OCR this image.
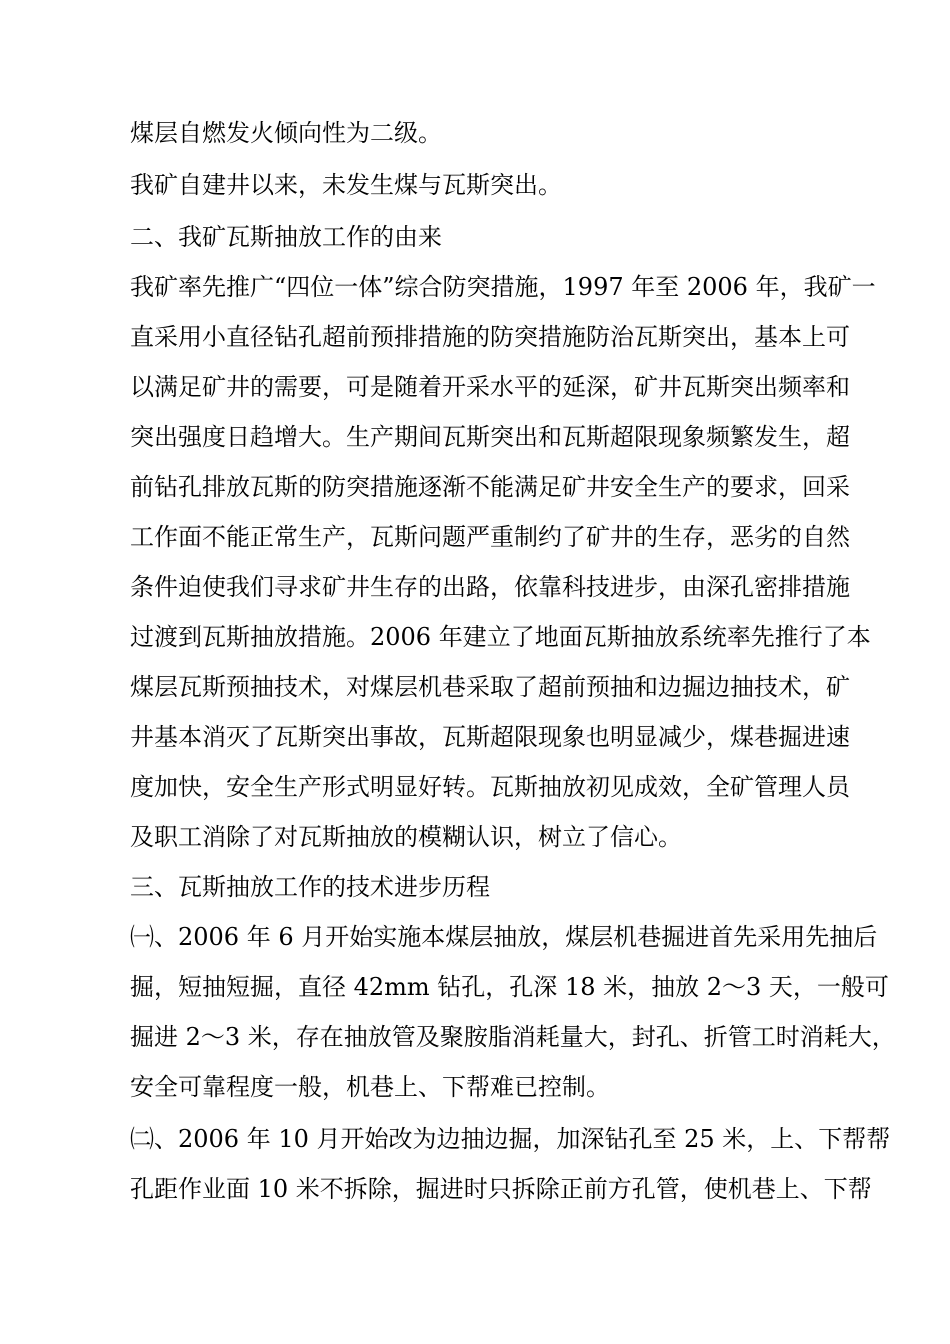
煤层自燃发火倾向性为二级。
我矿自建井以来，未发生煤与瓦斯突出。
二、我矿瓦斯抽放工作的由来
我矿率先推广“四位一体”综合防突措施，1997 年至 2006 年，我矿一
直采用小直径钻孔超前预排措施的防突措施防治瓦斯突出，基本上可
以满足矿井的需要，可是随着开采水平的延深，矿井瓦斯突出频率和
突出强度日趋增大。生产期间瓦斯突出和瓦斯超限现象频繁发生，超
前钻孔排放瓦斯的防突措施逐渐不能满足矿井安全生产的要求，回采
工作面不能正常生产，瓦斯问题严重制约了矿井的生存，恶劣的自然
条件迫使我们寻求矿井生存的出路，依靠科技进步，由深孔密排措施
过渡到瓦斯抽放措施。2006 年建立了地面瓦斯抽放系统率先推行了本
煤层瓦斯预抽技术，对煤层机巷采取了超前预抽和边掘边抽技术，矿
井基本消灭了瓦斯突出事故，瓦斯超限现象也明显减少，煤巷掘进速
度加快，安全生产形式明显好转。瓦斯抽放初见成效，全矿管理人员
及职工消除了对瓦斯抽放的模糊认识，树立了信心。
三、瓦斯抽放工作的技术进步历程
㈠、2006 年 6 月开始实施本煤层抽放，煤层机巷掘进首先采用先抽后
掘，短抽短掘，直径 42mm 钻孔，孔深 18 米，抽放 2～3 天，一般可
掘进 2～3 米，存在抽放管及聚胺脂消耗量大，封孔、折管工时消耗大，
安全可靠程度一般，机巷上、下帮难已控制。
㈡、2006 年 10 月开始改为边抽边掘，加深钻孔至 25 米，上、下帮帮
孔距作业面 10 米不拆除，掘进时只拆除正前方孔管，使机巷上、下帮
